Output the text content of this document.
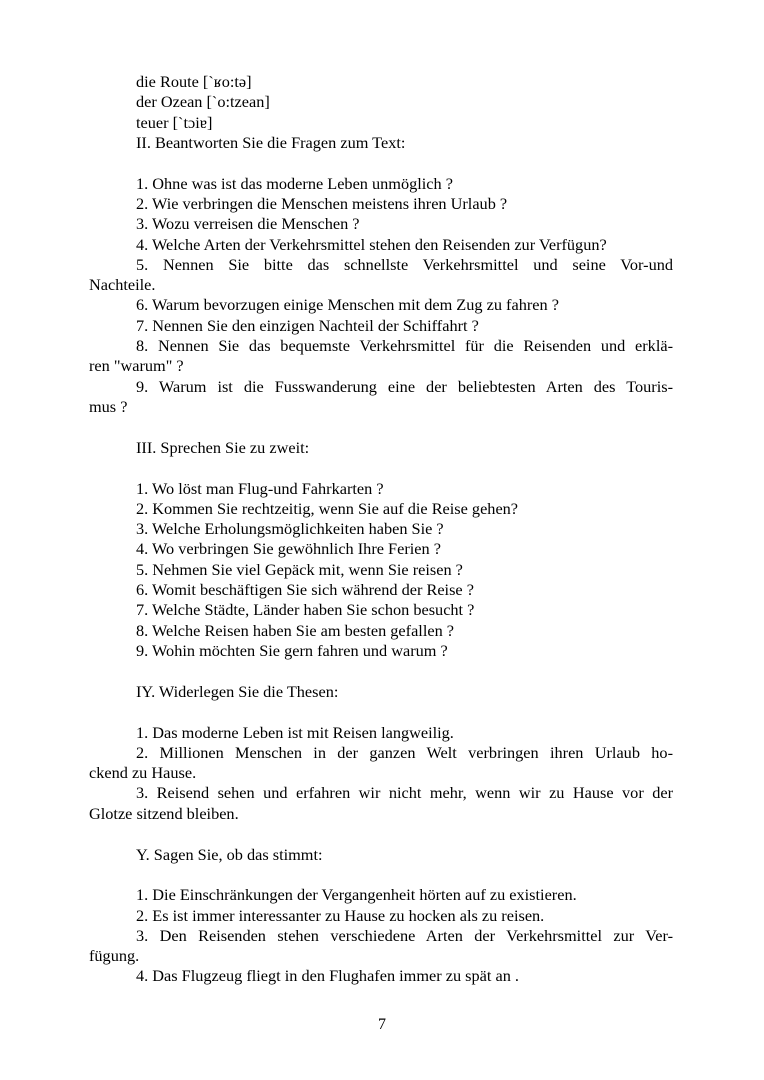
die Route [`ʁo:tə]
der Ozean [`o:tzean]
teuer [`tɔiɐ]
II. Beantworten Sie die Fragen zum Text:
1. Ohne was ist das moderne Leben unmöglich ?
2. Wie verbringen die Menschen meistens ihren Urlaub ?
3. Wozu verreisen die Menschen ?
4. Welche Arten der Verkehrsmittel stehen den Reisenden zur Verfügun?
5. Nennen Sie bitte das schnellste Verkehrsmittel und seine Vor-und
Nachteile.
6. Warum bevorzugen einige Menschen mit dem Zug zu fahren ?
7. Nennen Sie den einzigen Nachteil der Schiffahrt ?
8. Nennen Sie das bequemste Verkehrsmittel für die Reisenden und erklä-
ren "warum" ?
9. Warum ist die Fusswanderung eine der beliebtesten Arten des Touris-
mus ?
III. Sprechen Sie zu zweit:
1. Wo löst man Flug-und Fahrkarten ?
2. Kommen Sie rechtzeitig, wenn Sie auf die Reise gehen?
3. Welche Erholungsmöglichkeiten haben Sie ?
4. Wo verbringen Sie gewöhnlich Ihre Ferien ?
5. Nehmen Sie viel Gepäck mit, wenn Sie reisen ?
6. Womit beschäftigen Sie sich während der Reise ?
7. Welche Städte, Länder haben Sie schon besucht ?
8. Welche Reisen haben Sie am besten gefallen ?
9. Wohin möchten Sie gern fahren und warum ?
IY. Widerlegen Sie die Thesen:
1. Das moderne Leben ist mit Reisen langweilig.
2. Millionen Menschen in der ganzen Welt verbringen ihren Urlaub ho-
ckend zu Hause.
3. Reisend sehen und erfahren wir nicht mehr, wenn wir zu Hause vor der
Glotze sitzend bleiben.
Y. Sagen Sie, ob das stimmt:
1. Die Einschränkungen der Vergangenheit hörten auf zu existieren.
2. Es ist immer interessanter zu Hause zu hocken als zu reisen.
3. Den Reisenden stehen verschiedene Arten der Verkehrsmittel zur Ver-
fügung.
4. Das Flugzeug fliegt in den Flughafen immer zu spät an .
7
